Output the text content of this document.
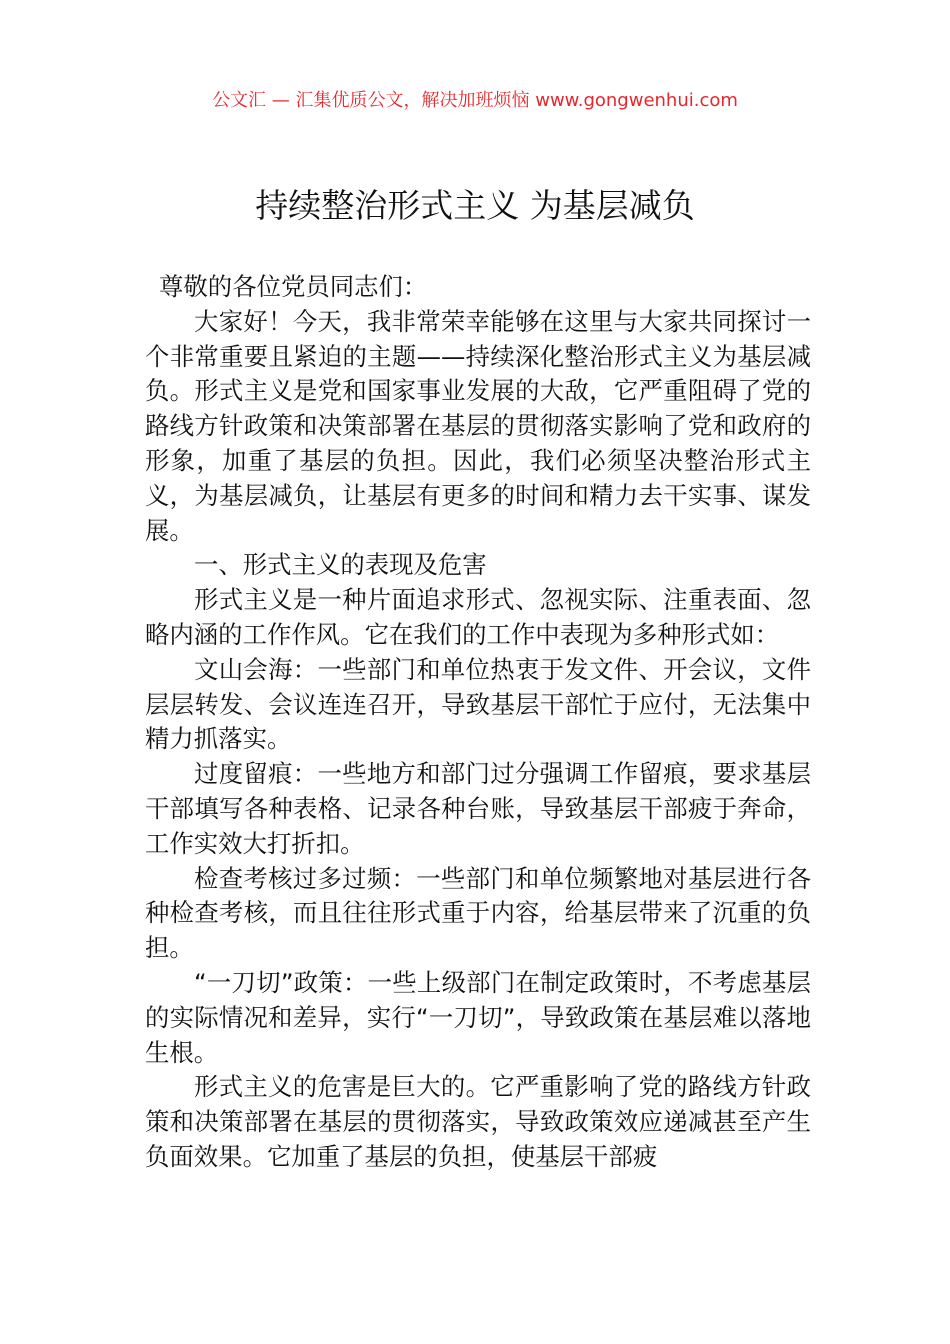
公文汇 — 汇集优质公文，解决加班烦恼 www.gongwenhui.com
持续整治形式主义 为基层减负

尊敬的各位党员同志们：

大家好！今天，我非常荣幸能够在这里与大家共同探讨一个非常重要且紧迫的主题——持续深化整治形式主义为基层减负。形式主义是党和国家事业发展的大敌，它严重阻碍了党的路线方针政策和决策部署在基层的贯彻落实影响了党和政府的形象，加重了基层的负担。因此，我们必须坚决整治形式主义，为基层减负，让基层有更多的时间和精力去干实事、谋发展。

一、形式主义的表现及危害

形式主义是一种片面追求形式、忽视实际、注重表面、忽略内涵的工作作风。它在我们的工作中表现为多种形式如：

文山会海：一些部门和单位热衷于发文件、开会议，文件层层转发、会议连连召开，导致基层干部忙于应付，无法集中精力抓落实。

过度留痕：一些地方和部门过分强调工作留痕，要求基层干部填写各种表格、记录各种台账，导致基层干部疲于奔命，工作实效大打折扣。

检查考核过多过频：一些部门和单位频繁地对基层进行各种检查考核，而且往往形式重于内容，给基层带来了沉重的负担。

“一刀切”政策：一些上级部门在制定政策时，不考虑基层的实际情况和差异，实行“一刀切”，导致政策在基层难以落地生根。

形式主义的危害是巨大的。它严重影响了党的路线方针政策和决策部署在基层的贯彻落实，导致政策效应递减甚至产生负面效果。它加重了基层的负担，使基层干部疲
